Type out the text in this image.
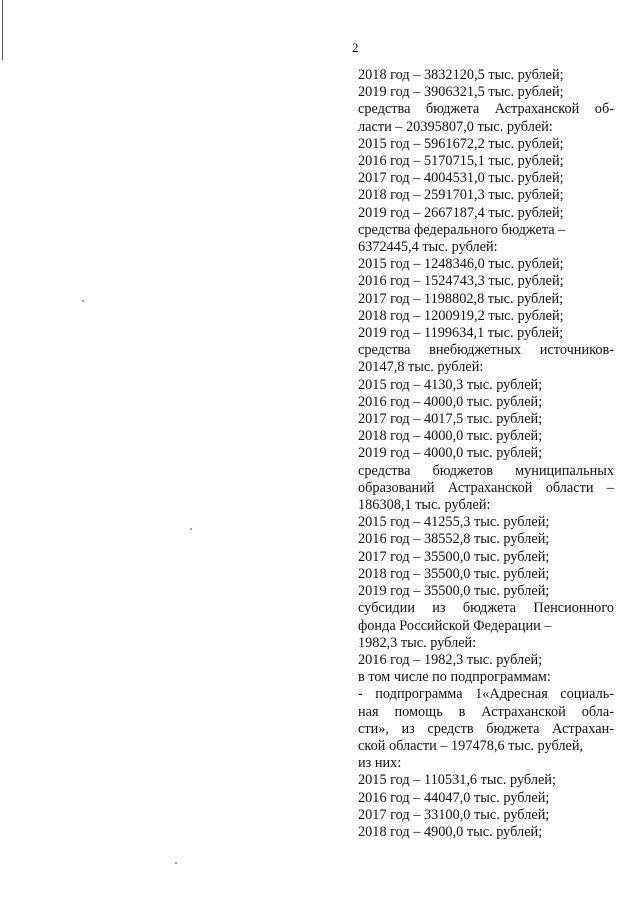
2
2018 год – 3832120,5 тыс. рублей;
2019 год – 3906321,5 тыс. рублей;
средства бюджета Астраханской об-
ласти – 20395807,0 тыс. рублей:
2015 год – 5961672,2 тыс. рублей;
2016 год – 5170715,1 тыс. рублей;
2017 год – 4004531,0 тыс. рублей;
2018 год – 2591701,3 тыс. рублей;
2019 год – 2667187,4 тыс. рублей;
средства федерального бюджета –
6372445,4 тыс. рублей:
2015 год – 1248346,0 тыс. рублей;
2016 год – 1524743,3 тыс. рублей;
2017 год – 1198802,8 тыс. рублей;
2018 год – 1200919,2 тыс. рублей;
2019 год – 1199634,1 тыс. рублей;
средства внебюджетных источников-
20147,8 тыс. рублей:
2015 год – 4130,3 тыс. рублей;
2016 год – 4000,0 тыс. рублей;
2017 год – 4017,5 тыс. рублей;
2018 год – 4000,0 тыс. рублей;
2019 год – 4000,0 тыс. рублей;
средства бюджетов муниципальных
образований Астраханской области –
186308,1 тыс. рублей:
2015 год – 41255,3 тыс. рублей;
2016 год – 38552,8 тыс. рублей;
2017 год – 35500,0 тыс. рублей;
2018 год – 35500,0 тыс. рублей;
2019 год – 35500,0 тыс. рублей;
субсидии из бюджета Пенсионного
фонда Российской Федерации –
1982,3 тыс. рублей:
2016 год – 1982,3 тыс. рублей;
в том числе по подпрограммам:
- подпрограмма 1«Адресная социаль-
ная помощь в Астраханской обла-
сти», из средств бюджета Астрахан-
ской области – 197478,6 тыс. рублей,
из них:
2015 год – 110531,6 тыс. рублей;
2016 год – 44047,0 тыс. рублей;
2017 год – 33100,0 тыс. рублей;
2018 год – 4900,0 тыс. рублей;
